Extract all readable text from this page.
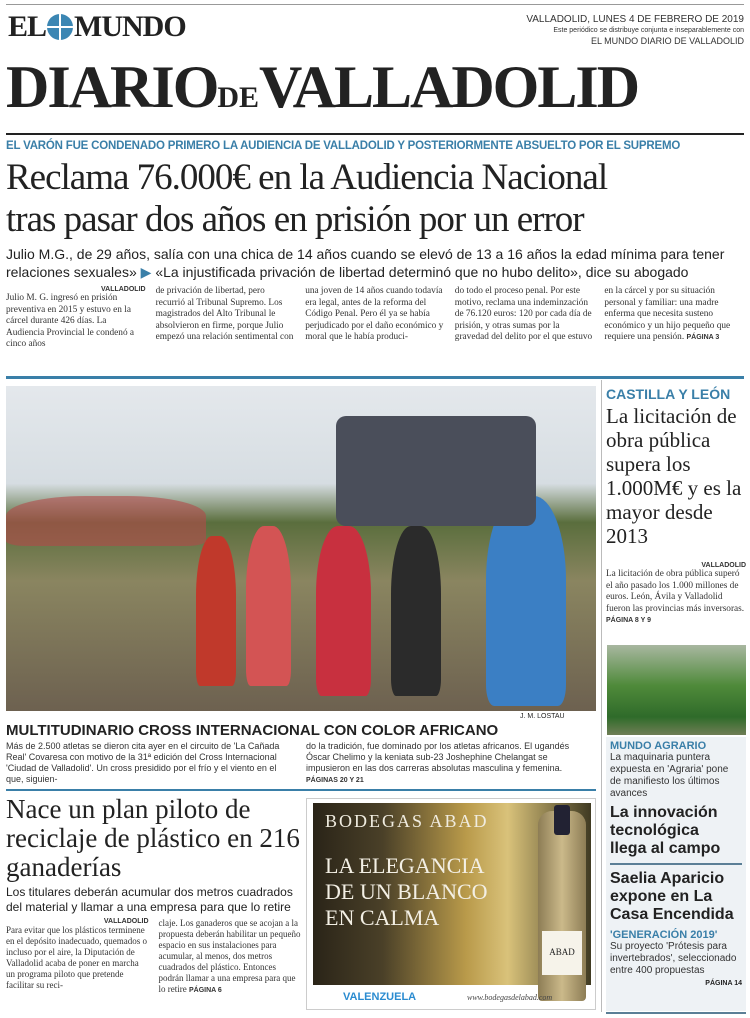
EL MUNDO	VALLADOLID, LUNES 4 DE FEBRERO DE 2019
Este periódico se distribuye conjunta e inseparablemente con
EL MUNDO DIARIO DE VALLADOLID
DIARIODEVALLADOLID
EL VARÓN FUE CONDENADO PRIMERO LA AUDIENCIA DE VALLADOLID Y POSTERIORMENTE ABSUELTO POR EL SUPREMO
Reclama 76.000€ en la Audiencia Nacional
tras pasar dos años en prisión por un error
Julio M.G., de 29 años, salía con una chica de 14 años cuando se elevó de 13 a 16 años la edad mínima para tener relaciones sexuales» ▶ «La injustificada privación de libertad determinó que no hubo delito», dice su abogado
VALLADOLID
Julio M. G. ingresó en prisión preventiva en 2015 y estuvo en la cárcel durante 426 días. La Audiencia Provincial le condenó a cinco años
de privación de libertad, pero recurrió al Tribunal Supremo. Los magistrados del Alto Tribunal le absolvieron en firme, porque Julio empezó una relación sentimental con
una joven de 14 años cuando todavía era legal, antes de la reforma del Código Penal. Pero él ya se había perjudicado por el daño económico y moral que le había produci-
do todo el proceso penal. Por este motivo, reclama una indeminzación de 76.120 euros: 120 por cada día de prisión, y otras sumas por la gravedad del delito por el que estuvo
en la cárcel y por su situación personal y familiar: una madre enferma que necesita susteno económico y un hijo pequeño que requiere una pensión. PÁGINA 3
J. M. LOSTAU
MULTITUDINARIO CROSS INTERNACIONAL CON COLOR AFRICANO
Más de 2.500 atletas se dieron cita ayer en el circuito de 'La Cañada Real' Covaresa con motivo de la 31ª edición del Cross Internacional 'Ciudad de Valladolid'. Un cross presidido por el frío y el viento en el que, siguien-
do la tradición, fue dominado por los atletas africanos. El ugandés Óscar Chelimo y la keniata sub-23 Joshephine Chelangat se impusieron en las dos carreras absolutas masculina y femenina. PÁGINAS 20 Y 21
Nace un plan piloto de reciclaje de plástico en 216 ganaderías
Los titulares deberán acumular dos metros cuadrados del material y llamar a una empresa para que lo retire
VALLADOLID
Para evitar que los plásticos terminene en el depósito inadecuado, quemados o incluso por el aire, la Diputación de Valladolid acaba de poner en marcha un programa piloto que pretende facilitar su reci-
claje. Los ganaderos que se acojan a la propuesta deberán habilitar un pequeño espacio en sus instalaciones para acumular, al menos, dos metros cuadrados del plástico. Entonces podrán llamar a una empresa para que lo retire PÁGINA 6
BODEGAS ABAD
LA ELEGANCIA
DE UN BLANCO
EN CALMA
ABAD
VALENZUELA	www.bodegasdelabad.com
CASTILLA Y LEÓN
La licitación de obra pública supera los 1.000M€ y es la mayor desde 2013
VALLADOLID
La licitación de obra pública superó el año pasado los 1.000 millones de euros. León, Ávila y Valladolid fueron las provincias más inversoras. PÁGINA 8 Y 9
MUNDO AGRARIO
La maquinaria puntera expuesta en 'Agraria' pone de manifiesto los últimos avances
La innovación
tecnológica
llega al campo
Saelia Aparicio
expone en La
Casa Encendida
'GENERACIÓN 2019'
Su proyecto 'Prótesis para invertebrados', seleccionado entre 400 propuestas
PÁGINA 14
